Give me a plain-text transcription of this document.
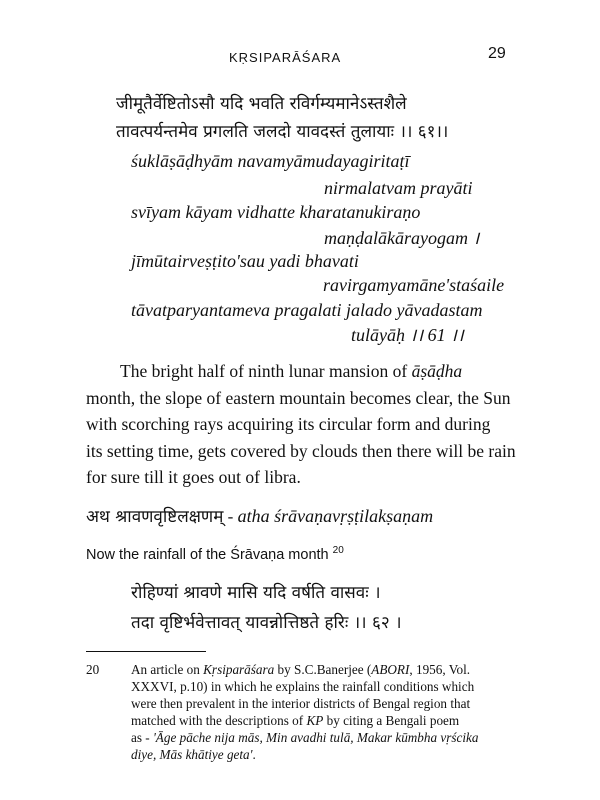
KṚSIPARĀŚARA	29
जीमूतैर्वेष्टितोऽसौ यदि भवति रविर्गम्यमानेऽस्तशैले
तावत्पर्यन्तमेव प्रगलति जलदो यावदस्तं तुलायाः ।। ६१।।
śuklāṣāḍhyām navamyāmudayagiritaṭī
nirmalatvam prayāti
svīyam kāyam vidhatte kharatanukiraṇo
maṇḍalākārayogam ।
jīmūtairveṣṭito'sau yadi bhavati
ravirgamyamāne'staśaile
tāvatparyantameva pragalati jalado yāvadastam
tulāyāḥ ।। 61 ।।
The bright half of ninth lunar mansion of āṣāḍha
month, the slope of eastern mountain becomes clear, the Sun
with scorching rays acquiring its circular form and during
its setting time, gets covered by clouds then there will be rain
for sure till it goes out of libra.
अथ श्रावणवृष्टिलक्षणम् - atha śrāvaṇavṛṣṭilakṣaṇam
Now the rainfall of the Śrāvaṇa month $^{20}$
रोहिण्यां श्रावणे मासि यदि वर्षति वासवः ।
तदा वृष्टिर्भवेत्तावत् यावन्नोत्तिष्ठते हरिः ।। ६२ ।
20 An article on Kṛsiparāśara by S.C.Banerjee (ABORI, 1956, Vol.
XXXVI, p.10) in which he explains the rainfall conditions which
were then prevalent in the interior districts of Bengal region that
matched with the descriptions of KP by citing a Bengali poem
as - 'Āge pāche nija mās, Min avadhi tulā, Makar kūmbha vṛścika
diye, Mās khātiye geta'.
